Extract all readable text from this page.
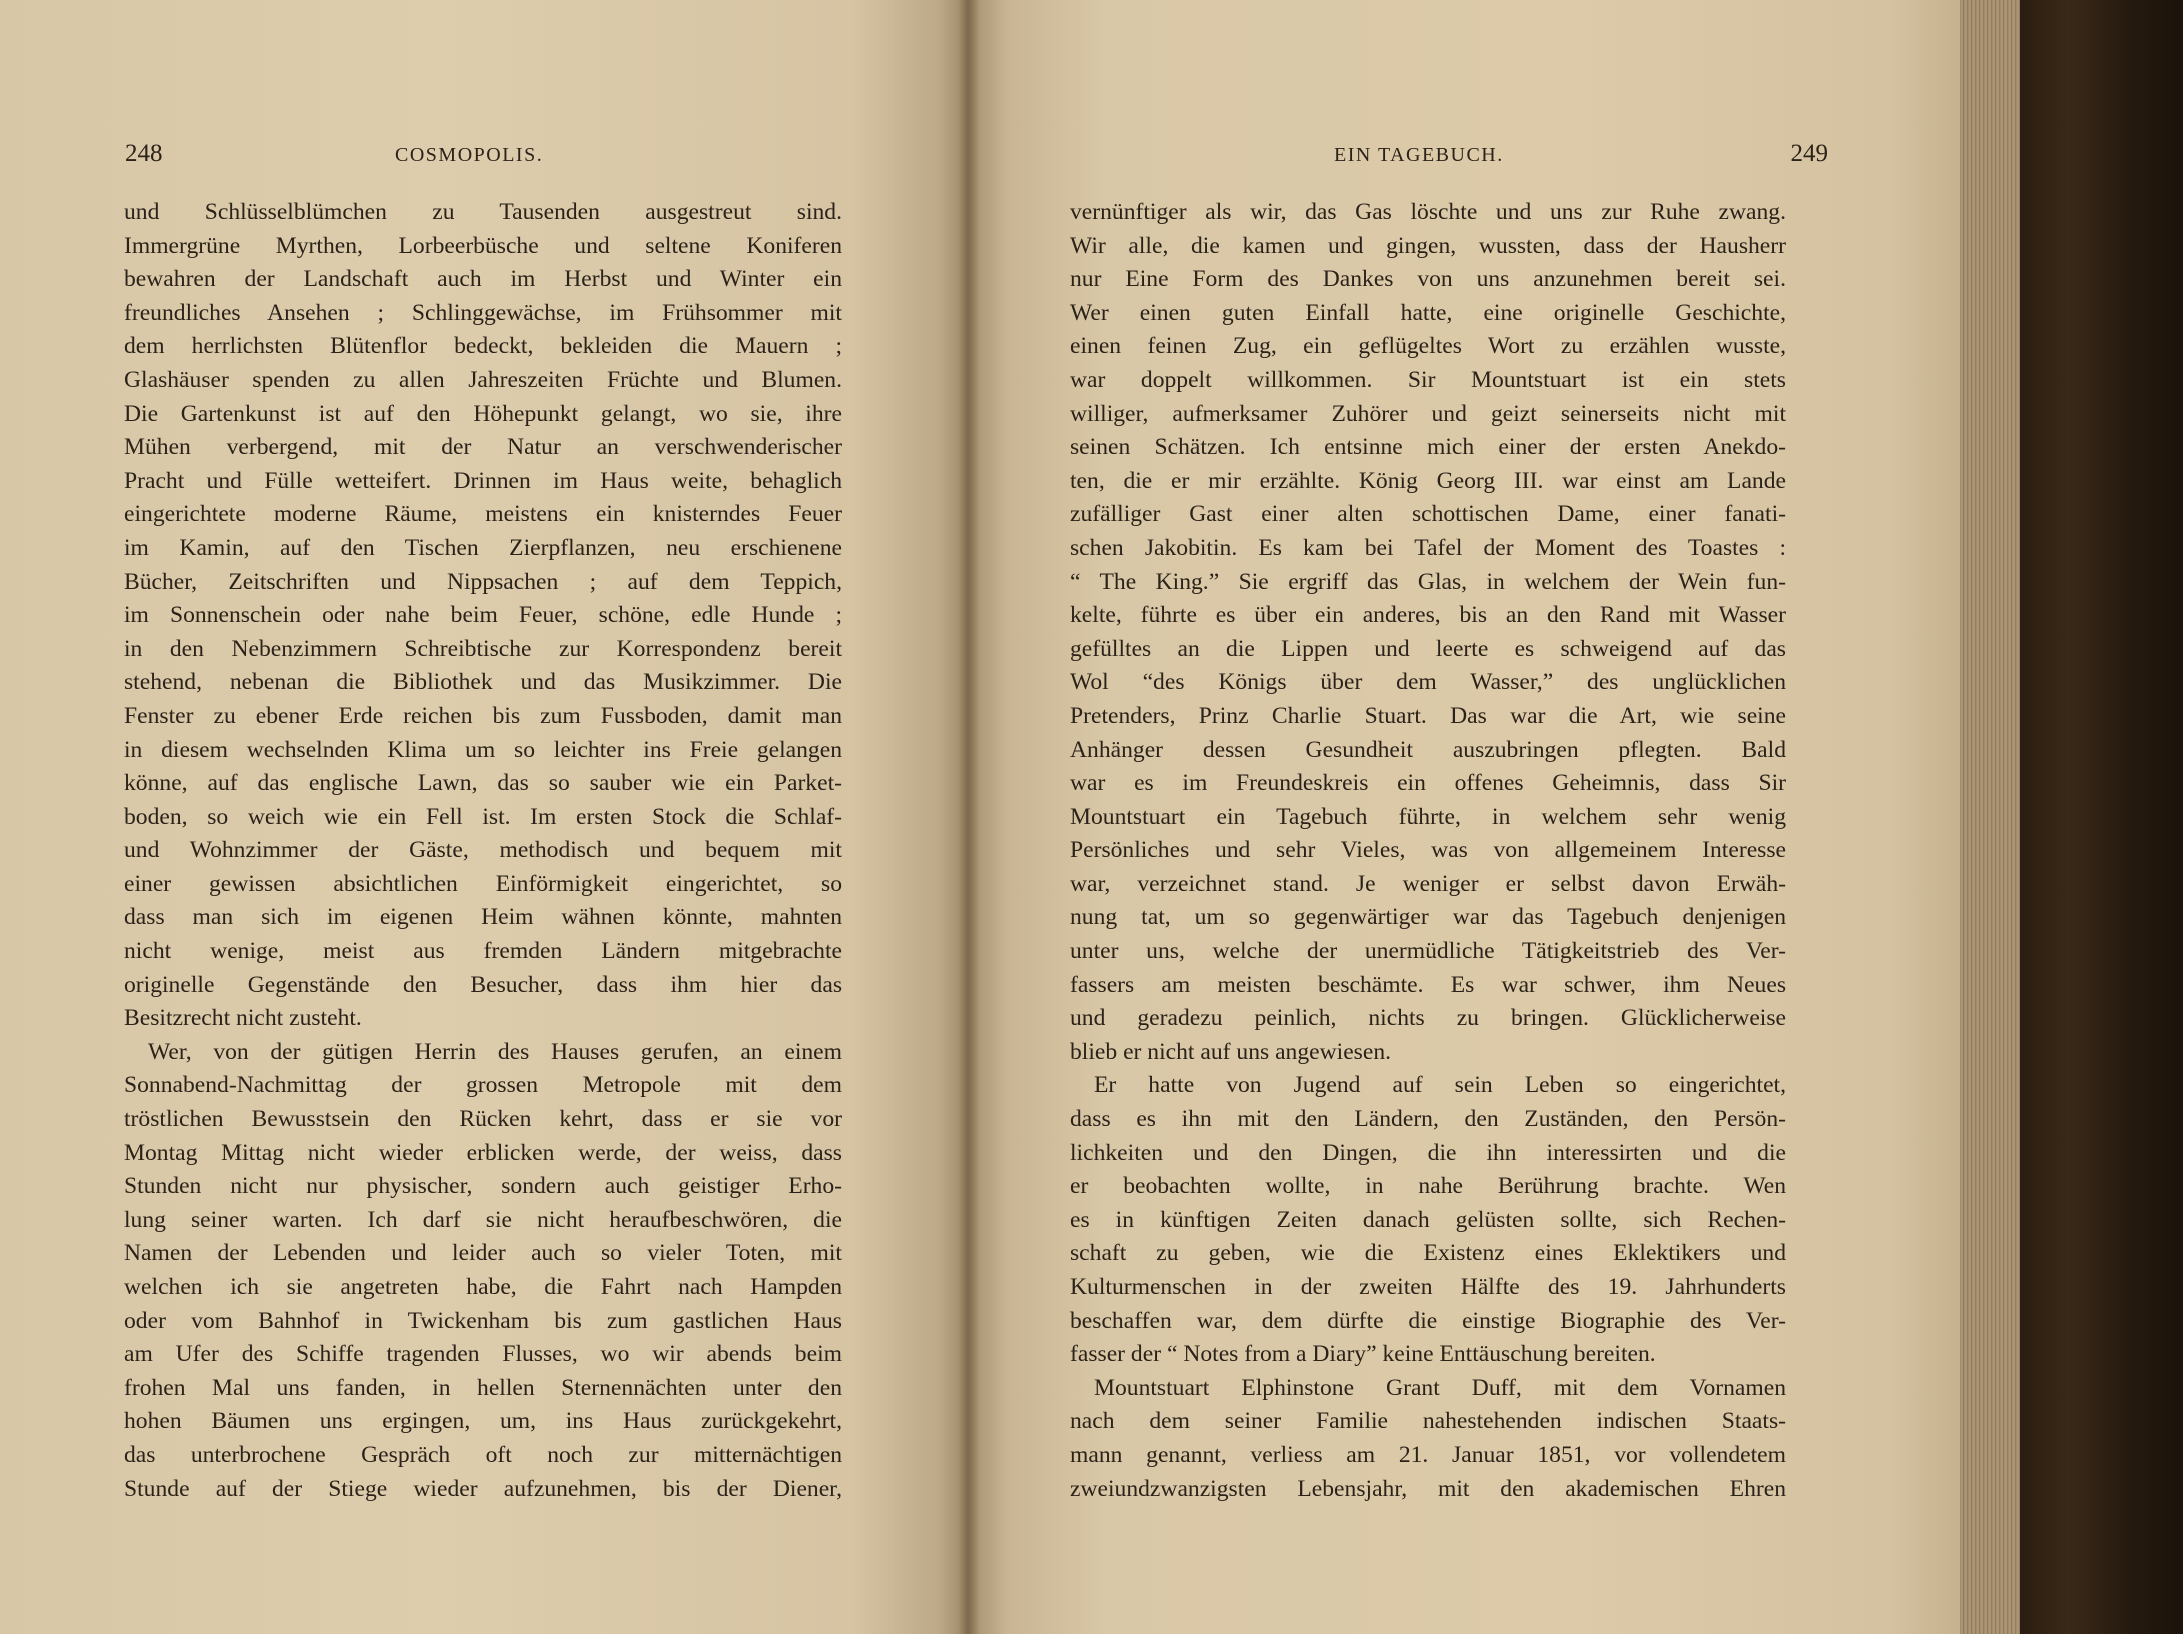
248	COSMOPOLIS.
und Schlüsselblümchen zu Tausenden ausgestreut sind.
Immergrüne Myrthen, Lorbeerbüsche und seltene Koniferen
bewahren der Landschaft auch im Herbst und Winter ein
freundliches Ansehen ; Schlinggewächse, im Frühsommer mit
dem herrlichsten Blütenflor bedeckt, bekleiden die Mauern ;
Glashäuser spenden zu allen Jahreszeiten Früchte und Blumen.
Die Gartenkunst ist auf den Höhepunkt gelangt, wo sie, ihre
Mühen verbergend, mit der Natur an verschwenderischer
Pracht und Fülle wetteifert. Drinnen im Haus weite, behaglich
eingerichtete moderne Räume, meistens ein knisterndes Feuer
im Kamin, auf den Tischen Zierpflanzen, neu erschienene
Bücher, Zeitschriften und Nippsachen ; auf dem Teppich,
im Sonnenschein oder nahe beim Feuer, schöne, edle Hunde ;
in den Nebenzimmern Schreibtische zur Korrespondenz bereit
stehend, nebenan die Bibliothek und das Musikzimmer. Die
Fenster zu ebener Erde reichen bis zum Fussboden, damit man
in diesem wechselnden Klima um so leichter ins Freie gelangen
könne, auf das englische Lawn, das so sauber wie ein Parket-
boden, so weich wie ein Fell ist. Im ersten Stock die Schlaf-
und Wohnzimmer der Gäste, methodisch und bequem mit
einer gewissen absichtlichen Einförmigkeit eingerichtet, so
dass man sich im eigenen Heim wähnen könnte, mahnten
nicht wenige, meist aus fremden Ländern mitgebrachte
originelle Gegenstände den Besucher, dass ihm hier das
Besitzrecht nicht zusteht.
Wer, von der gütigen Herrin des Hauses gerufen, an einem
Sonnabend-Nachmittag der grossen Metropole mit dem
tröstlichen Bewusstsein den Rücken kehrt, dass er sie vor
Montag Mittag nicht wieder erblicken werde, der weiss, dass
Stunden nicht nur physischer, sondern auch geistiger Erho-
lung seiner warten. Ich darf sie nicht heraufbeschwören, die
Namen der Lebenden und leider auch so vieler Toten, mit
welchen ich sie angetreten habe, die Fahrt nach Hampden
oder vom Bahnhof in Twickenham bis zum gastlichen Haus
am Ufer des Schiffe tragenden Flusses, wo wir abends beim
frohen Mal uns fanden, in hellen Sternennächten unter den
hohen Bäumen uns ergingen, um, ins Haus zurückgekehrt,
das unterbrochene Gespräch oft noch zur mitternächtigen
Stunde auf der Stiege wieder aufzunehmen, bis der Diener,
EIN TAGEBUCH.	249
vernünftiger als wir, das Gas löschte und uns zur Ruhe zwang.
Wir alle, die kamen und gingen, wussten, dass der Hausherr
nur Eine Form des Dankes von uns anzunehmen bereit sei.
Wer einen guten Einfall hatte, eine originelle Geschichte,
einen feinen Zug, ein geflügeltes Wort zu erzählen wusste,
war doppelt willkommen. Sir Mountstuart ist ein stets
williger, aufmerksamer Zuhörer und geizt seinerseits nicht mit
seinen Schätzen. Ich entsinne mich einer der ersten Anekdo-
ten, die er mir erzählte. König Georg III. war einst am Lande
zufälliger Gast einer alten schottischen Dame, einer fanati-
schen Jakobitin. Es kam bei Tafel der Moment des Toastes :
“ The King.” Sie ergriff das Glas, in welchem der Wein fun-
kelte, führte es über ein anderes, bis an den Rand mit Wasser
gefülltes an die Lippen und leerte es schweigend auf das
Wol “des Königs über dem Wasser,” des unglücklichen
Pretenders, Prinz Charlie Stuart. Das war die Art, wie seine
Anhänger dessen Gesundheit auszubringen pflegten. Bald
war es im Freundeskreis ein offenes Geheimnis, dass Sir
Mountstuart ein Tagebuch führte, in welchem sehr wenig
Persönliches und sehr Vieles, was von allgemeinem Interesse
war, verzeichnet stand. Je weniger er selbst davon Erwäh-
nung tat, um so gegenwärtiger war das Tagebuch denjenigen
unter uns, welche der unermüdliche Tätigkeitstrieb des Ver-
fassers am meisten beschämte. Es war schwer, ihm Neues
und geradezu peinlich, nichts zu bringen. Glücklicherweise
blieb er nicht auf uns angewiesen.
Er hatte von Jugend auf sein Leben so eingerichtet,
dass es ihn mit den Ländern, den Zuständen, den Persön-
lichkeiten und den Dingen, die ihn interessirten und die
er beobachten wollte, in nahe Berührung brachte. Wen
es in künftigen Zeiten danach gelüsten sollte, sich Rechen-
schaft zu geben, wie die Existenz eines Eklektikers und
Kulturmenschen in der zweiten Hälfte des 19. Jahrhunderts
beschaffen war, dem dürfte die einstige Biographie des Ver-
fasser der “ Notes from a Diary” keine Enttäuschung bereiten.
Mountstuart Elphinstone Grant Duff, mit dem Vornamen
nach dem seiner Familie nahestehenden indischen Staats-
mann genannt, verliess am 21. Januar 1851, vor vollendetem
zweiundzwanzigsten Lebensjahr, mit den akademischen Ehren
